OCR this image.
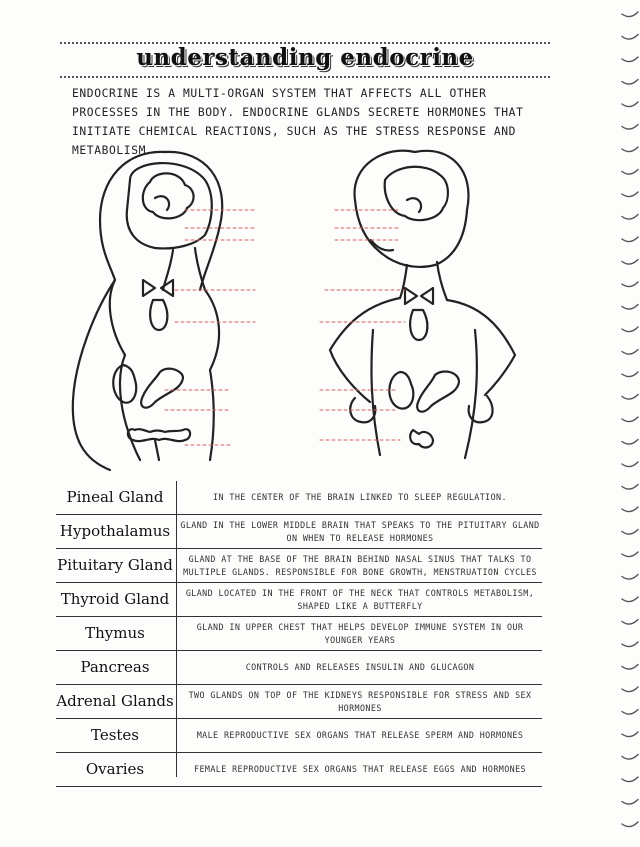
understanding endocrine
ENDOCRINE IS A MULTI-ORGAN SYSTEM THAT AFFECTS ALL OTHER PROCESSES IN THE BODY. ENDOCRINE GLANDS SECRETE HORMONES THAT INITIATE CHEMICAL REACTIONS, SUCH AS THE STRESS RESPONSE AND METABOLISM.
Pineal Gland	IN THE CENTER OF THE BRAIN LINKED TO SLEEP REGULATION.
Hypothalamus	GLAND IN THE LOWER MIDDLE BRAIN THAT SPEAKS TO THE PITUITARY GLAND ON WHEN TO RELEASE HORMONES
Pituitary Gland	GLAND AT THE BASE OF THE BRAIN BEHIND NASAL SINUS THAT TALKS TO MULTIPLE GLANDS. RESPONSIBLE FOR BONE GROWTH, MENSTRUATION CYCLES
Thyroid Gland	GLAND LOCATED IN THE FRONT OF THE NECK THAT CONTROLS METABOLISM, SHAPED LIKE A BUTTERFLY
Thymus	GLAND IN UPPER CHEST THAT HELPS DEVELOP IMMUNE SYSTEM IN OUR YOUNGER YEARS
Pancreas	CONTROLS AND RELEASES INSULIN AND GLUCAGON
Adrenal Glands	TWO GLANDS ON TOP OF THE KIDNEYS RESPONSIBLE FOR STRESS AND SEX HORMONES
Testes	MALE REPRODUCTIVE SEX ORGANS THAT RELEASE SPERM AND HORMONES
Ovaries	FEMALE REPRODUCTIVE SEX ORGANS THAT RELEASE EGGS AND HORMONES
